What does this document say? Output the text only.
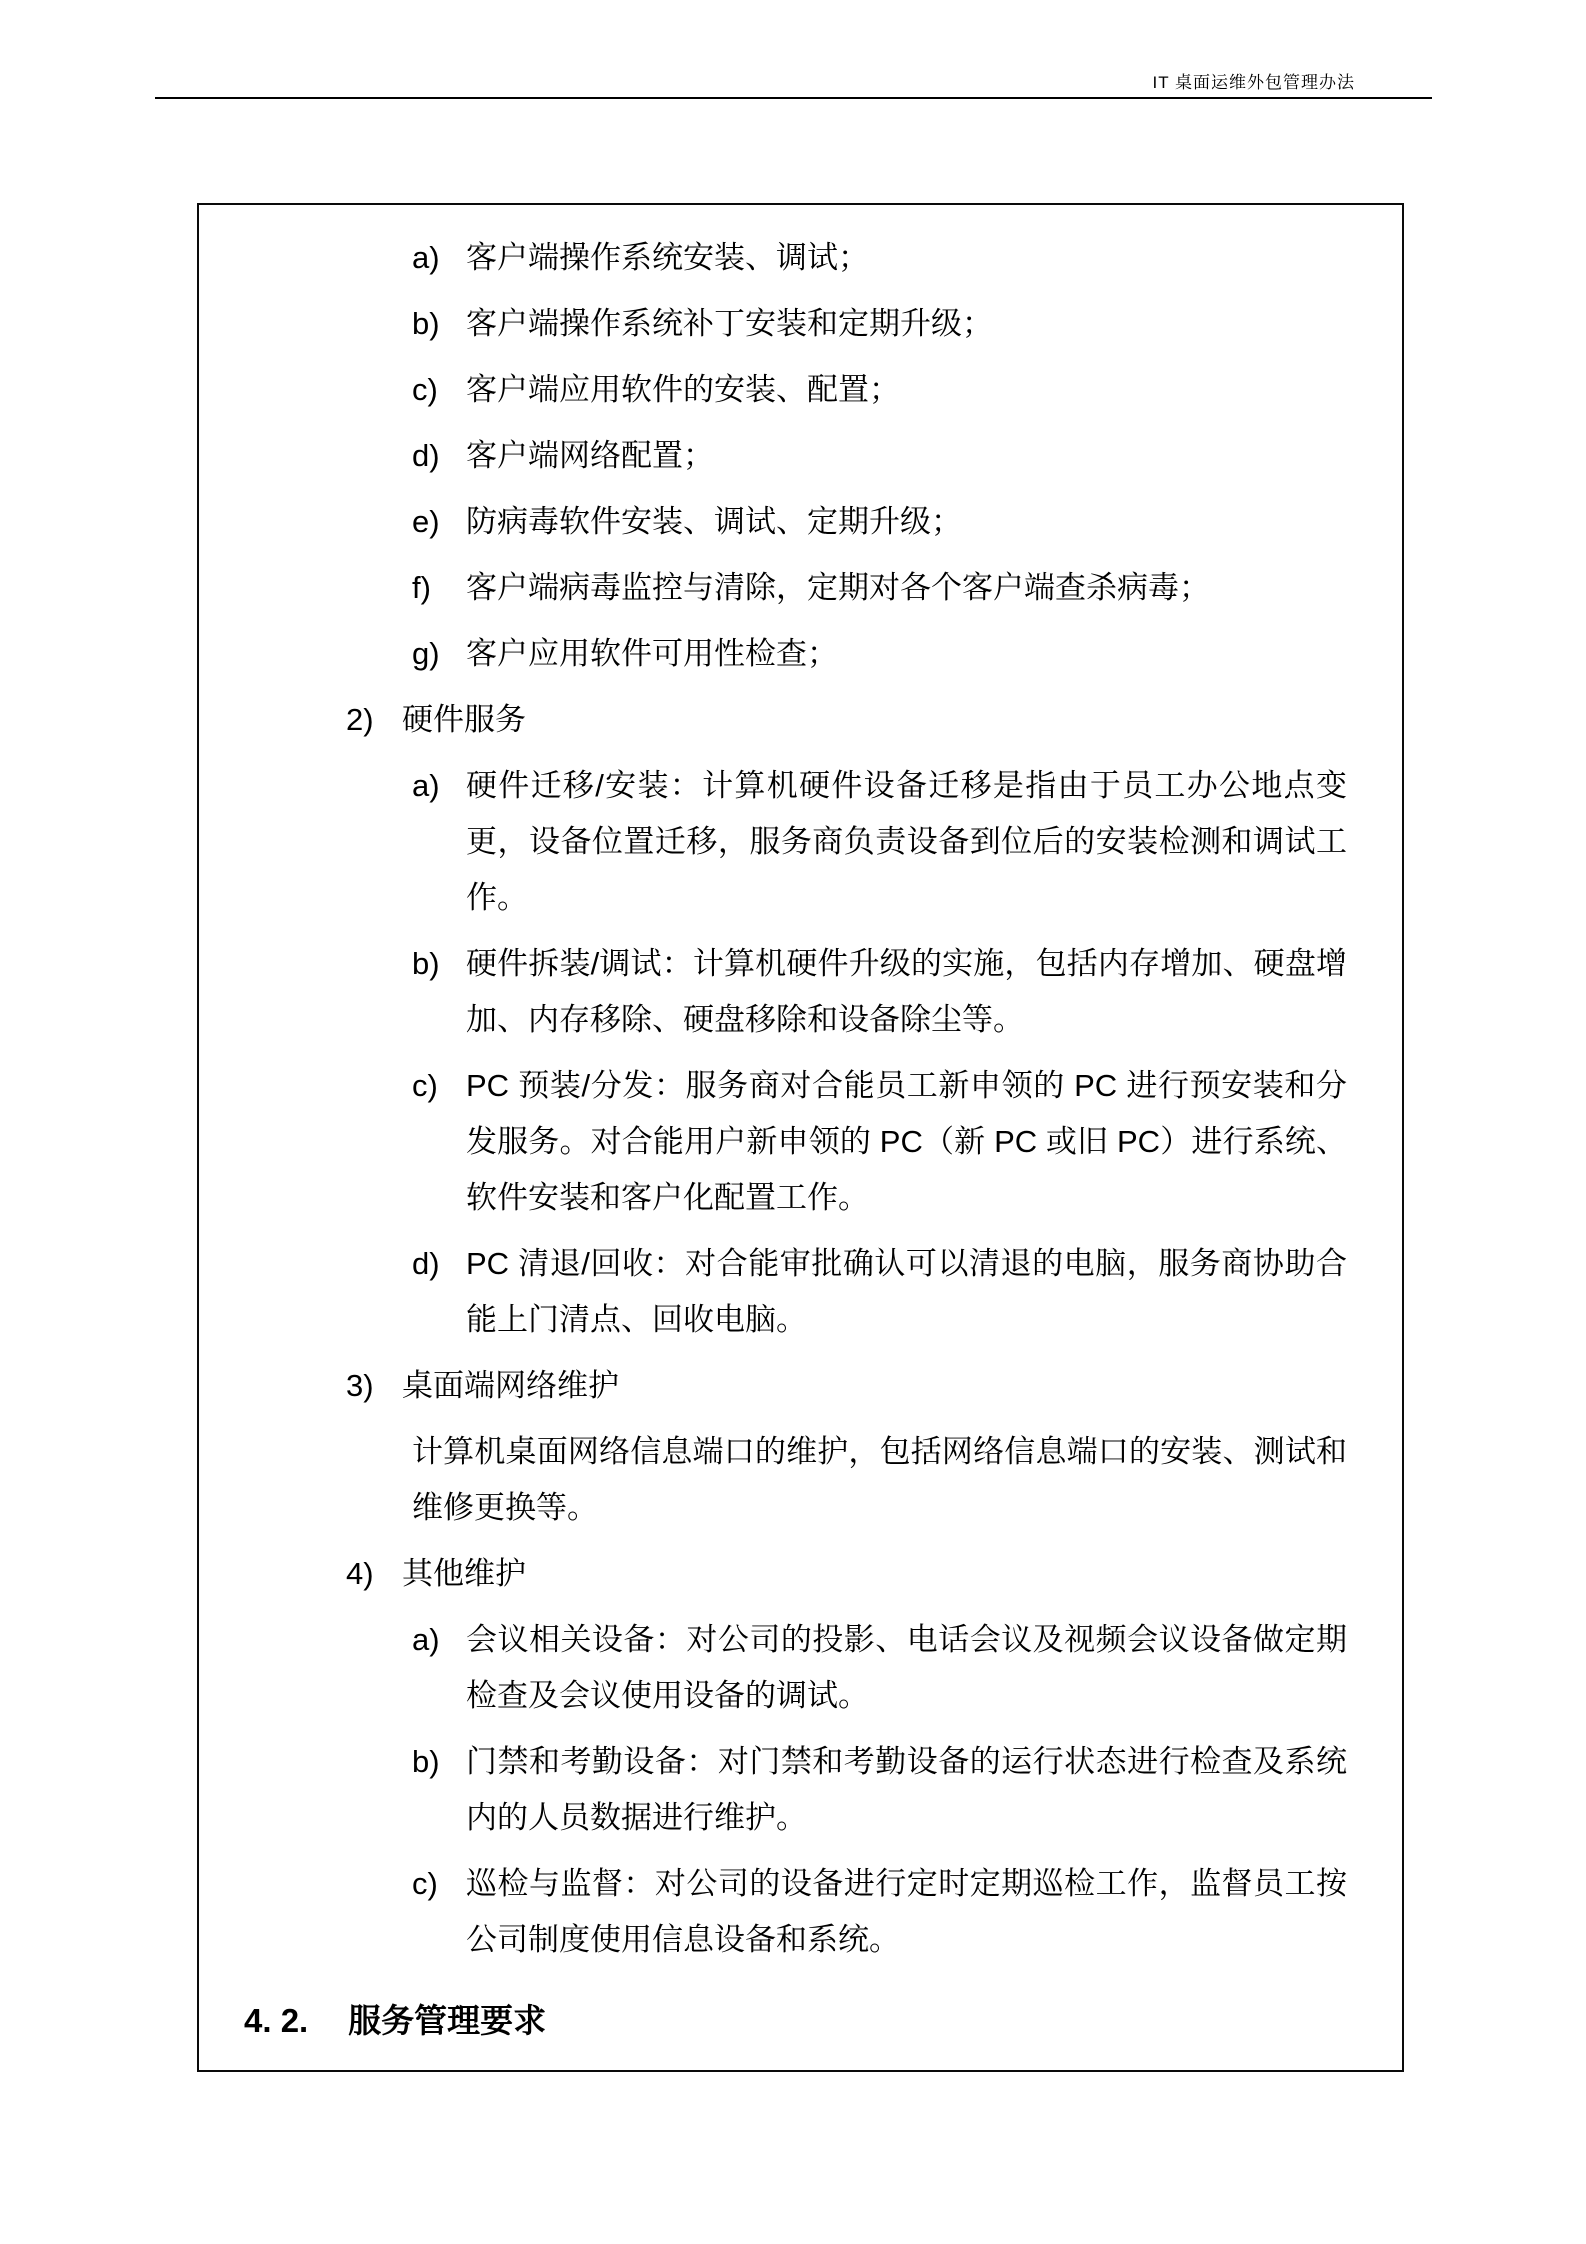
IT 桌面运维外包管理办法
a) 客户端操作系统安装、调试；
b) 客户端操作系统补丁安装和定期升级；
c) 客户端应用软件的安装、配置；
d) 客户端网络配置；
e) 防病毒软件安装、调试、定期升级；
f) 客户端病毒监控与清除，定期对各个客户端查杀病毒；
g) 客户应用软件可用性检查；
2) 硬件服务
a) 硬件迁移/安装：计算机硬件设备迁移是指由于员工办公地点变更，设备位置迁移，服务商负责设备到位后的安装检测和调试工作。
b) 硬件拆装/调试：计算机硬件升级的实施，包括内存增加、硬盘增加、内存移除、硬盘移除和设备除尘等。
c) PC 预装/分发：服务商对合能员工新申领的 PC 进行预安装和分发服务。对合能用户新申领的 PC（新 PC 或旧 PC）进行系统、软件安装和客户化配置工作。
d) PC 清退/回收：对合能审批确认可以清退的电脑，服务商协助合能上门清点、回收电脑。
3) 桌面端网络维护
计算机桌面网络信息端口的维护，包括网络信息端口的安装、测试和维修更换等。
4) 其他维护
a) 会议相关设备：对公司的投影、电话会议及视频会议设备做定期检查及会议使用设备的调试。
b) 门禁和考勤设备：对门禁和考勤设备的运行状态进行检查及系统内的人员数据进行维护。
c) 巡检与监督：对公司的设备进行定时定期巡检工作，监督员工按公司制度使用信息设备和系统。
4. 2. 服务管理要求
